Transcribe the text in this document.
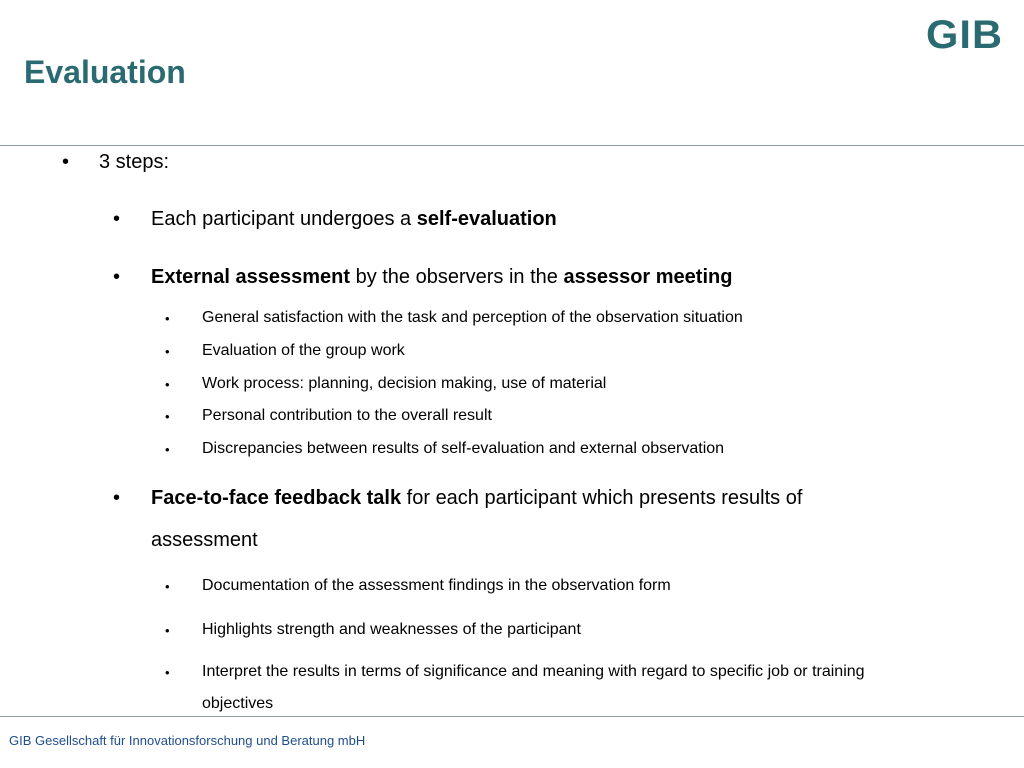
Evaluation
GIB
• 3 steps:
• Each participant undergoes a self-evaluation
• External assessment by the observers in the assessor meeting
• General satisfaction with the task and perception of the observation situation
• Evaluation of the group work
• Work process: planning, decision making, use of material
• Personal contribution to the overall result
• Discrepancies between results of self-evaluation and external observation
• Face-to-face feedback talk for each participant which presents results of
assessment
• Documentation of the assessment findings in the observation form
• Highlights strength and weaknesses of the participant
• Interpret the results in terms of significance and meaning with regard to specific job or training
objectives
GIB Gesellschaft für Innovationsforschung und Beratung mbH
